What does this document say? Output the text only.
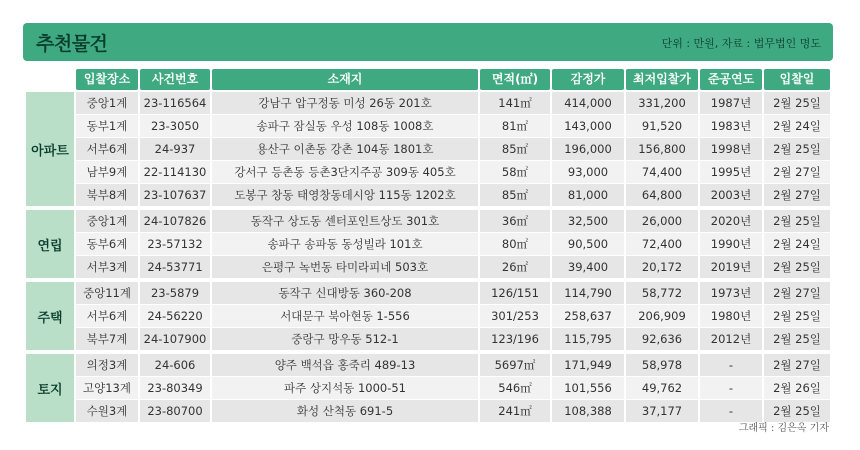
추천물건	단위 : 만원, 자료 : 법무법인 명도
입찰장소	사건번호	소재지	면적(㎡)	감정가	최저입찰가	준공연도	입찰일
아파트
중앙1계	23-116564	강남구 압구정동 미성 26동 201호	141㎡	414,000	331,200	1987년	2월 25일
동부1계	23-3050	송파구 잠실동 우성 108동 1008호	81㎡	143,000	91,520	1983년	2월 24일
서부6계	24-937	용산구 이촌동 강촌 104동 1801호	85㎡	196,000	156,800	1998년	2월 25일
남부9계	22-114130	강서구 등촌동 등촌3단지주공 309동 405호	58㎡	93,000	74,400	1995년	2월 27일
북부8계	23-107637	도봉구 창동 태영창동데시앙 115동 1202호	85㎡	81,000	64,800	2003년	2월 27일
연립
중앙1계	24-107826	동작구 상도동 센터포인트상도 301호	36㎡	32,500	26,000	2020년	2월 25일
동부6계	23-57132	송파구 송파동 동성빌라 101호	80㎡	90,500	72,400	1990년	2월 24일
서부3계	24-53771	은평구 녹번동 타미라피네 503호	26㎡	39,400	20,172	2019년	2월 25일
주택
중앙11계	23-5879	동작구 신대방동 360-208	126/151	114,790	58,772	1973년	2월 27일
서부6계	24-56220	서대문구 북아현동 1-556	301/253	258,637	206,909	1980년	2월 25일
북부7계	24-107900	중랑구 망우동 512-1	123/196	115,795	92,636	2012년	2월 25일
토지
의정3계	24-606	양주 백석읍 홍죽리 489-13	5697㎡	171,949	58,978	-	2월 27일
고양13계	23-80349	파주 상지석동 1000-51	546㎡	101,556	49,762	-	2월 26일
수원3계	23-80700	화성 산척동 691-5	241㎡	108,388	37,177	-	2월 25일
그래픽 : 김은옥 기자
